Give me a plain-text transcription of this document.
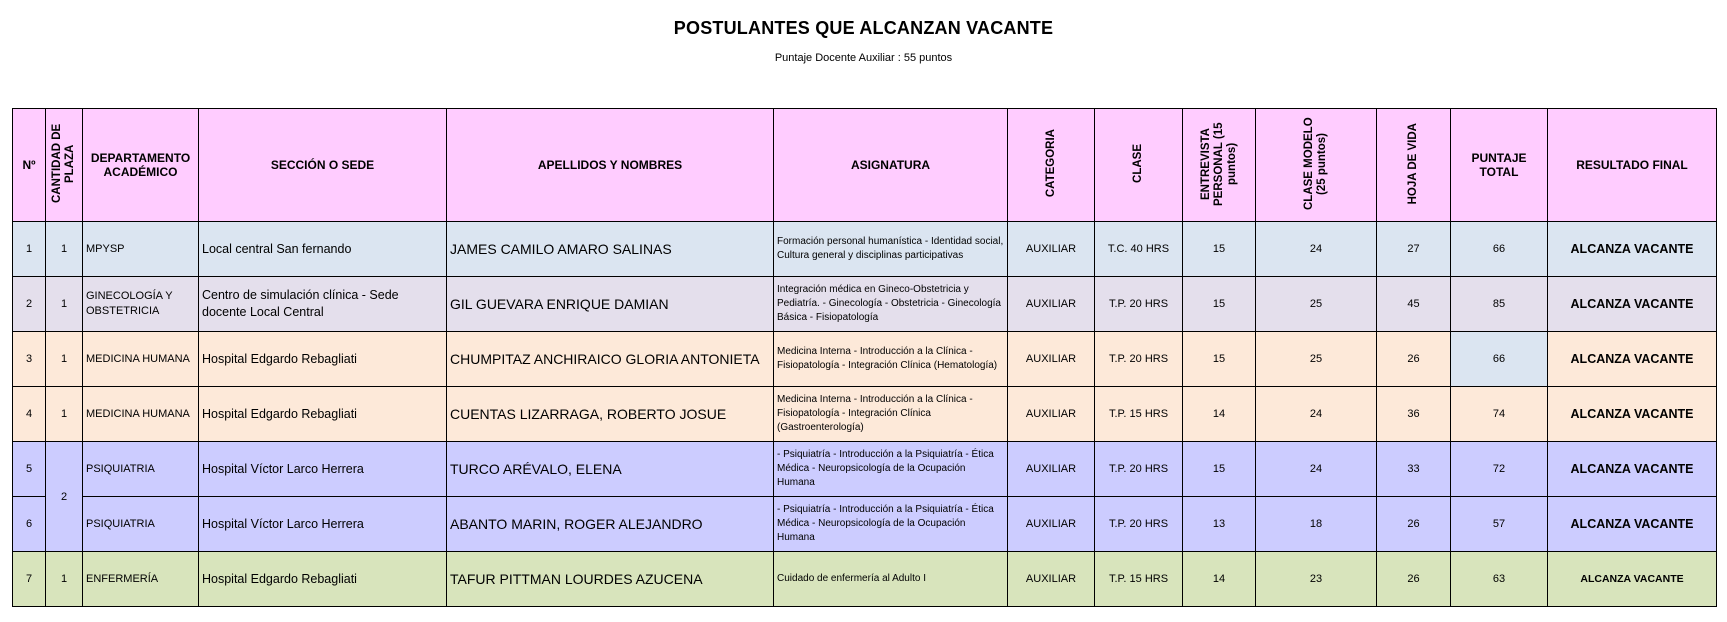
POSTULANTES QUE ALCANZAN VACANTE
Puntaje Docente Auxiliar : 55 puntos
Nº	CANTIDAD DE PLAZA	DEPARTAMENTO ACADÉMICO	SECCIÓN O SEDE	APELLIDOS Y NOMBRES	ASIGNATURA	CATEGORIA	CLASE	ENTREVISTA PERSONAL (15 puntos)	CLASE MODELO (25 puntos)	HOJA DE VIDA	PUNTAJE TOTAL	RESULTADO FINAL
1	1	MPYSP	Local central San fernando	JAMES CAMILO AMARO SALINAS	Formación personal humanística - Identidad social, Cultura general y disciplinas participativas	AUXILIAR	T.C. 40 HRS	15	24	27	66	ALCANZA VACANTE
2	1	GINECOLOGÍA Y OBSTETRICIA	Centro de simulación clínica - Sede docente Local Central	GIL GUEVARA ENRIQUE DAMIAN	Integración médica en Gineco-Obstetricia y Pediatría. - Ginecología - Obstetricia - Ginecología Básica - Fisiopatología	AUXILIAR	T.P. 20 HRS	15	25	45	85	ALCANZA VACANTE
3	1	MEDICINA HUMANA	Hospital Edgardo Rebagliati	CHUMPITAZ ANCHIRAICO GLORIA ANTONIETA	Medicina Interna - Introducción a la Clínica - Fisiopatología - Integración Clínica (Hematología)	AUXILIAR	T.P. 20 HRS	15	25	26	66	ALCANZA VACANTE
4	1	MEDICINA HUMANA	Hospital Edgardo Rebagliati	CUENTAS LIZARRAGA, ROBERTO JOSUE	Medicina Interna - Introducción a la Clínica - Fisiopatología - Integración Clínica (Gastroenterología)	AUXILIAR	T.P. 15 HRS	14	24	36	74	ALCANZA VACANTE
5	2	PSIQUIATRIA	Hospital Víctor Larco Herrera	TURCO ARÉVALO, ELENA	- Psiquiatría - Introducción a la Psiquiatría - Ética Médica - Neuropsicología de la Ocupación Humana	AUXILIAR	T.P. 20 HRS	15	24	33	72	ALCANZA VACANTE
6		PSIQUIATRIA	Hospital Víctor Larco Herrera	ABANTO MARIN, ROGER ALEJANDRO	- Psiquiatría - Introducción a la Psiquiatría - Ética Médica - Neuropsicología de la Ocupación Humana	AUXILIAR	T.P. 20 HRS	13	18	26	57	ALCANZA VACANTE
7	1	ENFERMERÍA	Hospital Edgardo Rebagliati	TAFUR PITTMAN LOURDES AZUCENA	Cuidado de enfermería al Adulto I	AUXILIAR	T.P. 15 HRS	14	23	26	63	ALCANZA VACANTE
